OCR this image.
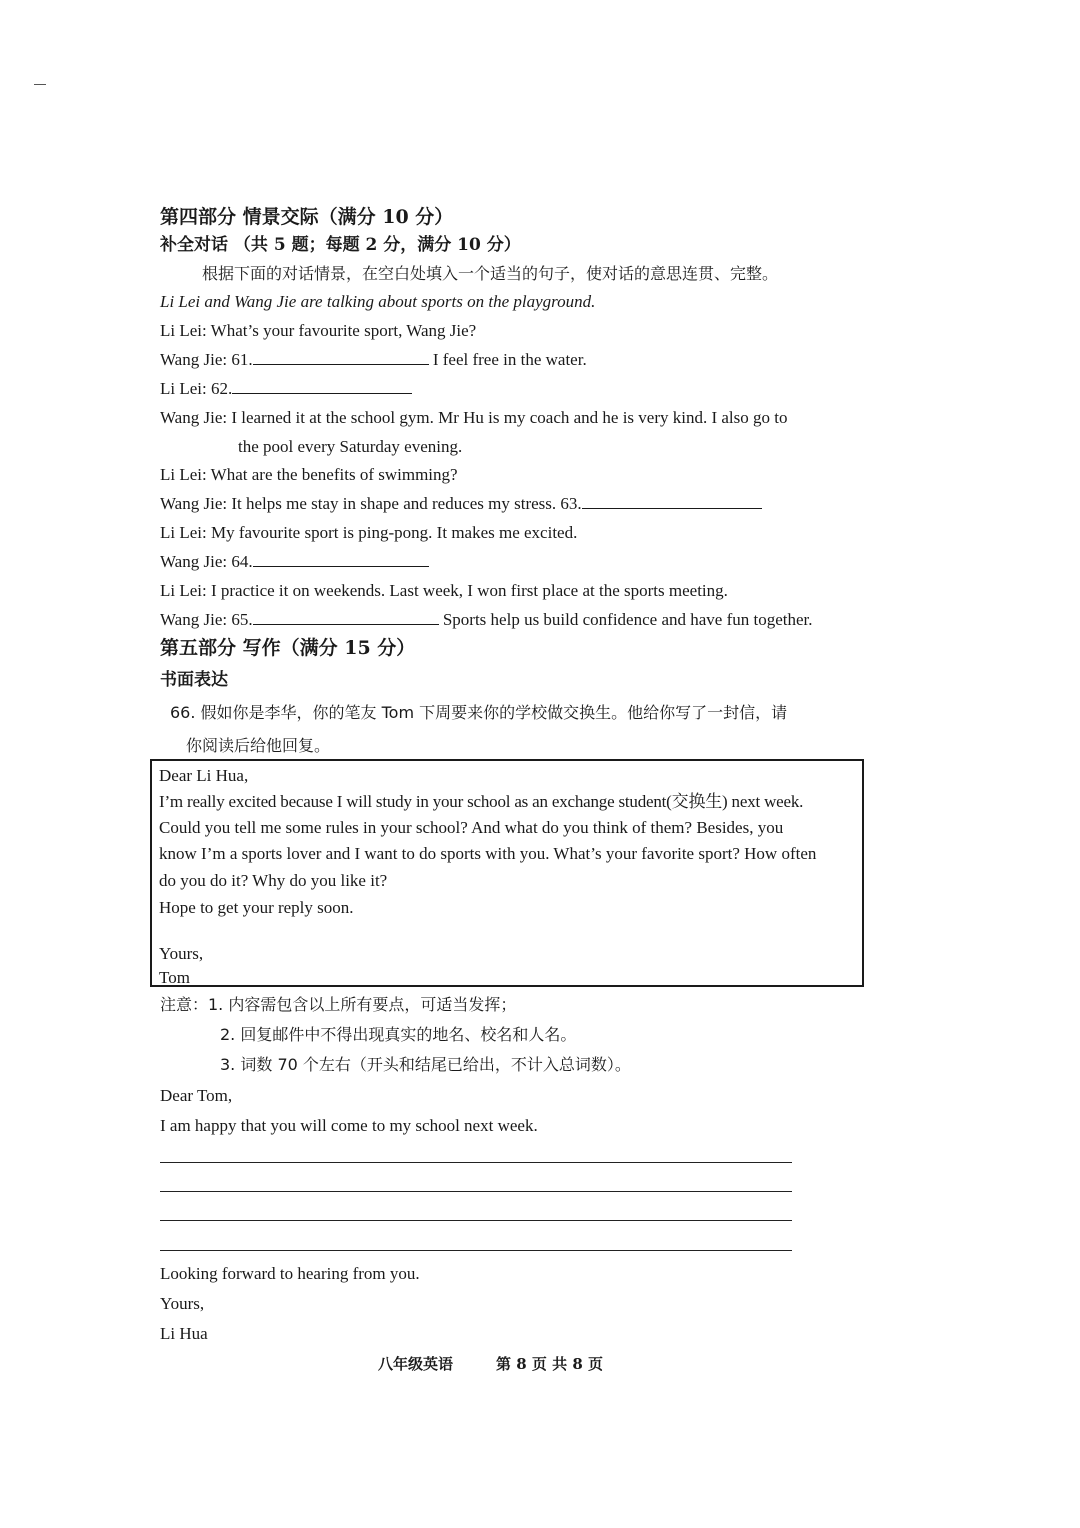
第四部分 情景交际（满分 10 分）
补全对话 （共 5 题；每题 2 分，满分 10 分）
根据下面的对话情景，在空白处填入一个适当的句子，使对话的意思连贯、完整。
Li Lei and Wang Jie are talking about sports on the playground.
Li Lei: What’s your favourite sport, Wang Jie?
Wang Jie: 61.	I feel free in the water.
Li Lei: 62.
Wang Jie: I learned it at the school gym. Mr Hu is my coach and he is very kind. I also go to
the pool every Saturday evening.
Li Lei: What are the benefits of swimming?
Wang Jie: It helps me stay in shape and reduces my stress. 63.
Li Lei: My favourite sport is ping-pong. It makes me excited.
Wang Jie: 64.
Li Lei: I practice it on weekends. Last week, I won first place at the sports meeting.
Wang Jie: 65.	Sports help us build confidence and have fun together.
第五部分 写作（满分 15 分）
书面表达
66. 假如你是李华，你的笔友 Tom 下周要来你的学校做交换生。他给你写了一封信，请
你阅读后给他回复。
Dear Li Hua,
I’m really excited because I will study in your school as an exchange student(交换生) next week.
Could you tell me some rules in your school? And what do you think of them? Besides, you
know I’m a sports lover and I want to do sports with you. What’s your favorite sport? How often
do you do it? Why do you like it?
Hope to get your reply soon.
Yours,
Tom
注意：1. 内容需包含以上所有要点，可适当发挥；
2. 回复邮件中不得出现真实的地名、校名和人名。
3. 词数 70 个左右（开头和结尾已给出，不计入总词数）。
Dear Tom,
I am happy that you will come to my school next week.
Looking forward to hearing from you.
Yours,
Li Hua
八年级英语	第 8 页 共 8 页
